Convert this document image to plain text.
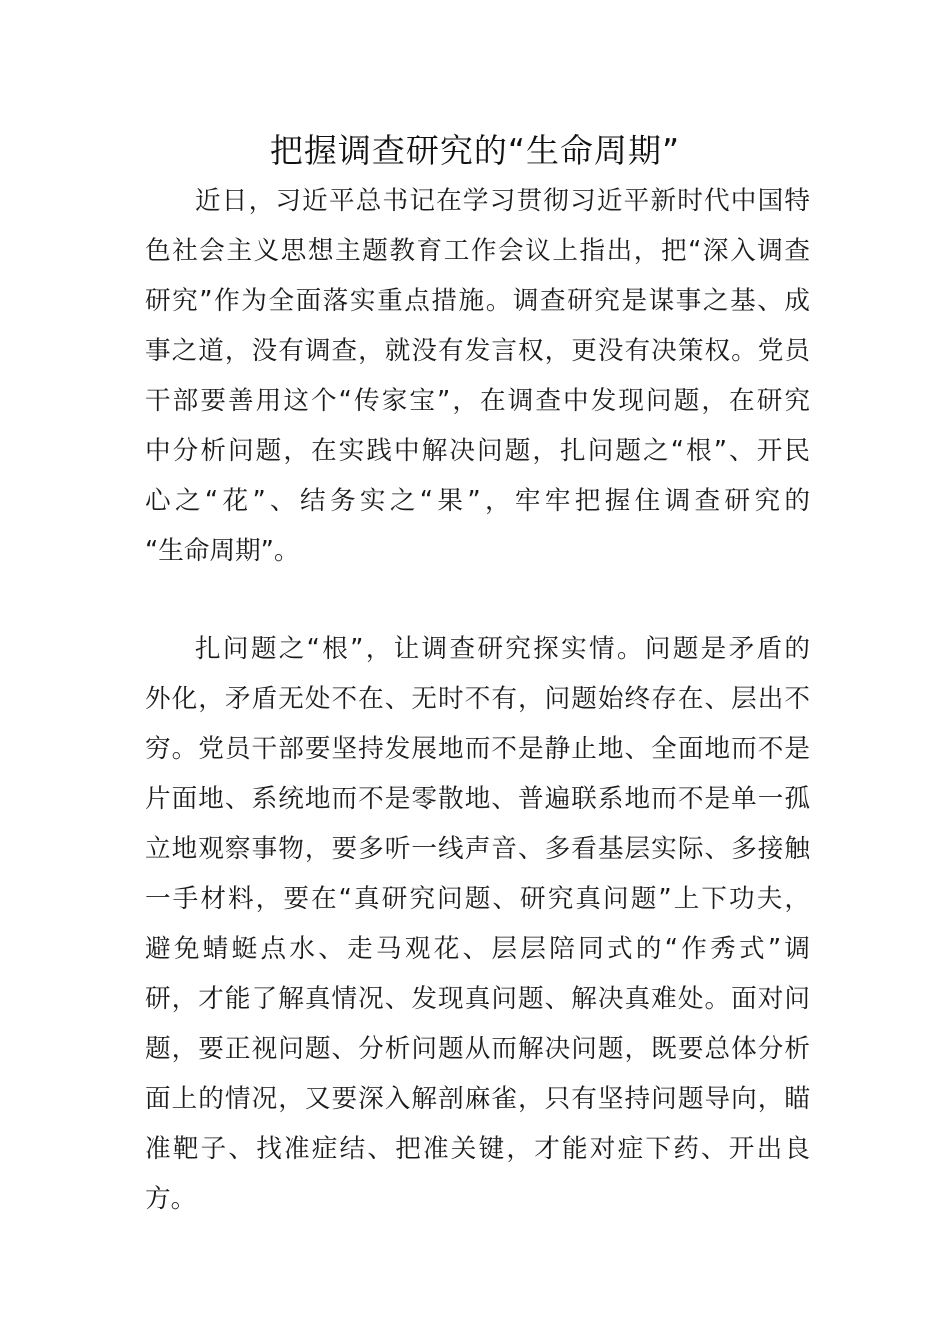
把握调查研究的“生命周期”
近日，习近平总书记在学习贯彻习近平新时代中国特
色社会主义思想主题教育工作会议上指出，把“深入调查
研究”作为全面落实重点措施。调查研究是谋事之基、成
事之道，没有调查，就没有发言权，更没有决策权。党员
干部要善用这个“传家宝”，在调查中发现问题，在研究
中分析问题，在实践中解决问题，扎问题之“根”、开民
心之“花”、结务实之“果”，牢牢把握住调查研究的
“生命周期”。
扎问题之“根”，让调查研究探实情。问题是矛盾的
外化，矛盾无处不在、无时不有，问题始终存在、层出不
穷。党员干部要坚持发展地而不是静止地、全面地而不是
片面地、系统地而不是零散地、普遍联系地而不是单一孤
立地观察事物，要多听一线声音、多看基层实际、多接触
一手材料，要在“真研究问题、研究真问题”上下功夫，
避免蜻蜓点水、走马观花、层层陪同式的“作秀式”调
研，才能了解真情况、发现真问题、解决真难处。面对问
题，要正视问题、分析问题从而解决问题，既要总体分析
面上的情况，又要深入解剖麻雀，只有坚持问题导向，瞄
准靶子、找准症结、把准关键，才能对症下药、开出良
方。
